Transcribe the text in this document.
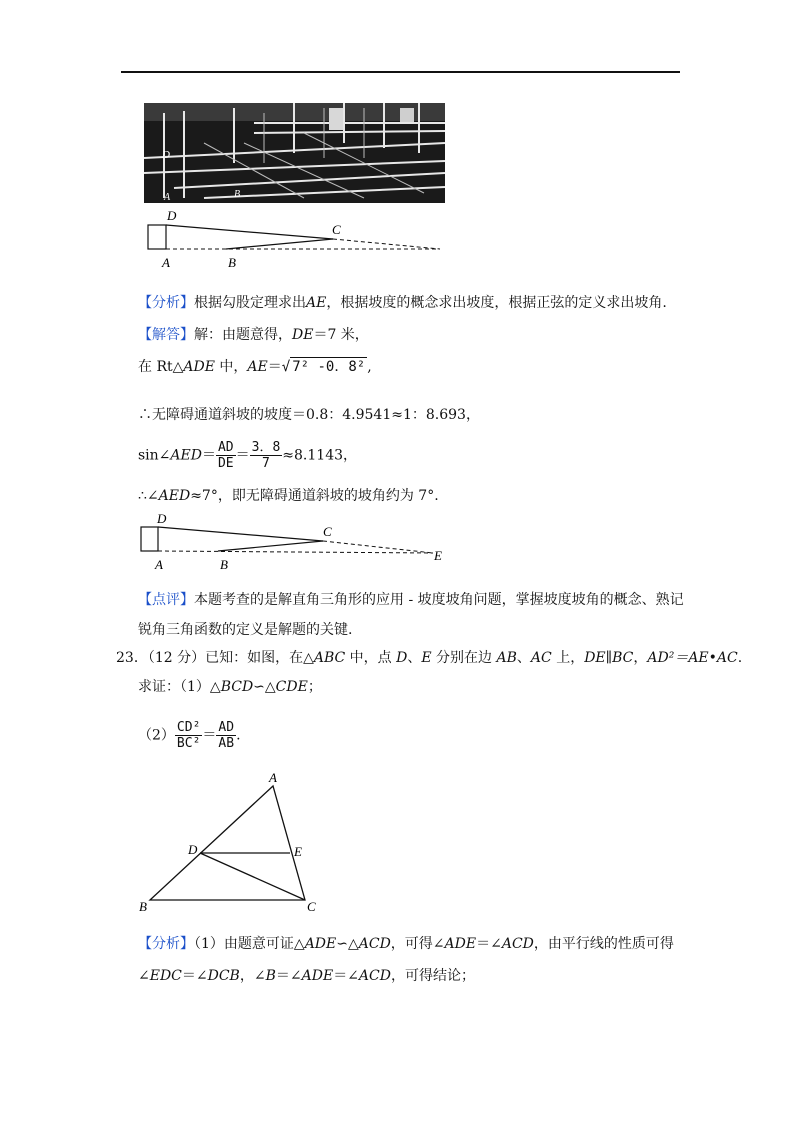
D
A	B
D
C
A	B
【分析】根据勾股定理求出AE，根据坡度的概念求出坡度，根据正弦的定义求出坡角.
【解答】解：由题意得，DE＝7 米，
在 Rt△ADE 中，AE＝√ 7² -0．8² ,
∴无障碍通道斜坡的坡度＝0.8：4.9541≈1：8.693，
sin∠AED＝ $\frac{AD}{DE} = \frac{3.8}{7} \approx 8.1143$，
∴∠AED≈7°，即无障碍通道斜坡的坡角约为 7°.
D
C
A	B
E
【点评】本题考查的是解直角三角形的应用 - 坡度坡角问题，掌握坡度坡角的概念、熟记
锐角三角函数的定义是解题的关键.
23．（12 分）已知：如图，在△ABC 中，点 D、E 分别在边 AB、AC 上，DE∥BC，AD²＝AE•AC.
求证：（1）△BCD∽△CDE；
$(2) \frac{\text{CD²}}{\text{BC²}} = \frac{AD}{AB}$ .
A
D	E
B	C
【分析】（1）由题意可证△ADE∽△ACD，可得∠ADE＝∠ACD，由平行线的性质可得
∠EDC＝∠DCB，∠B＝∠ADE＝∠ACD，可得结论；
